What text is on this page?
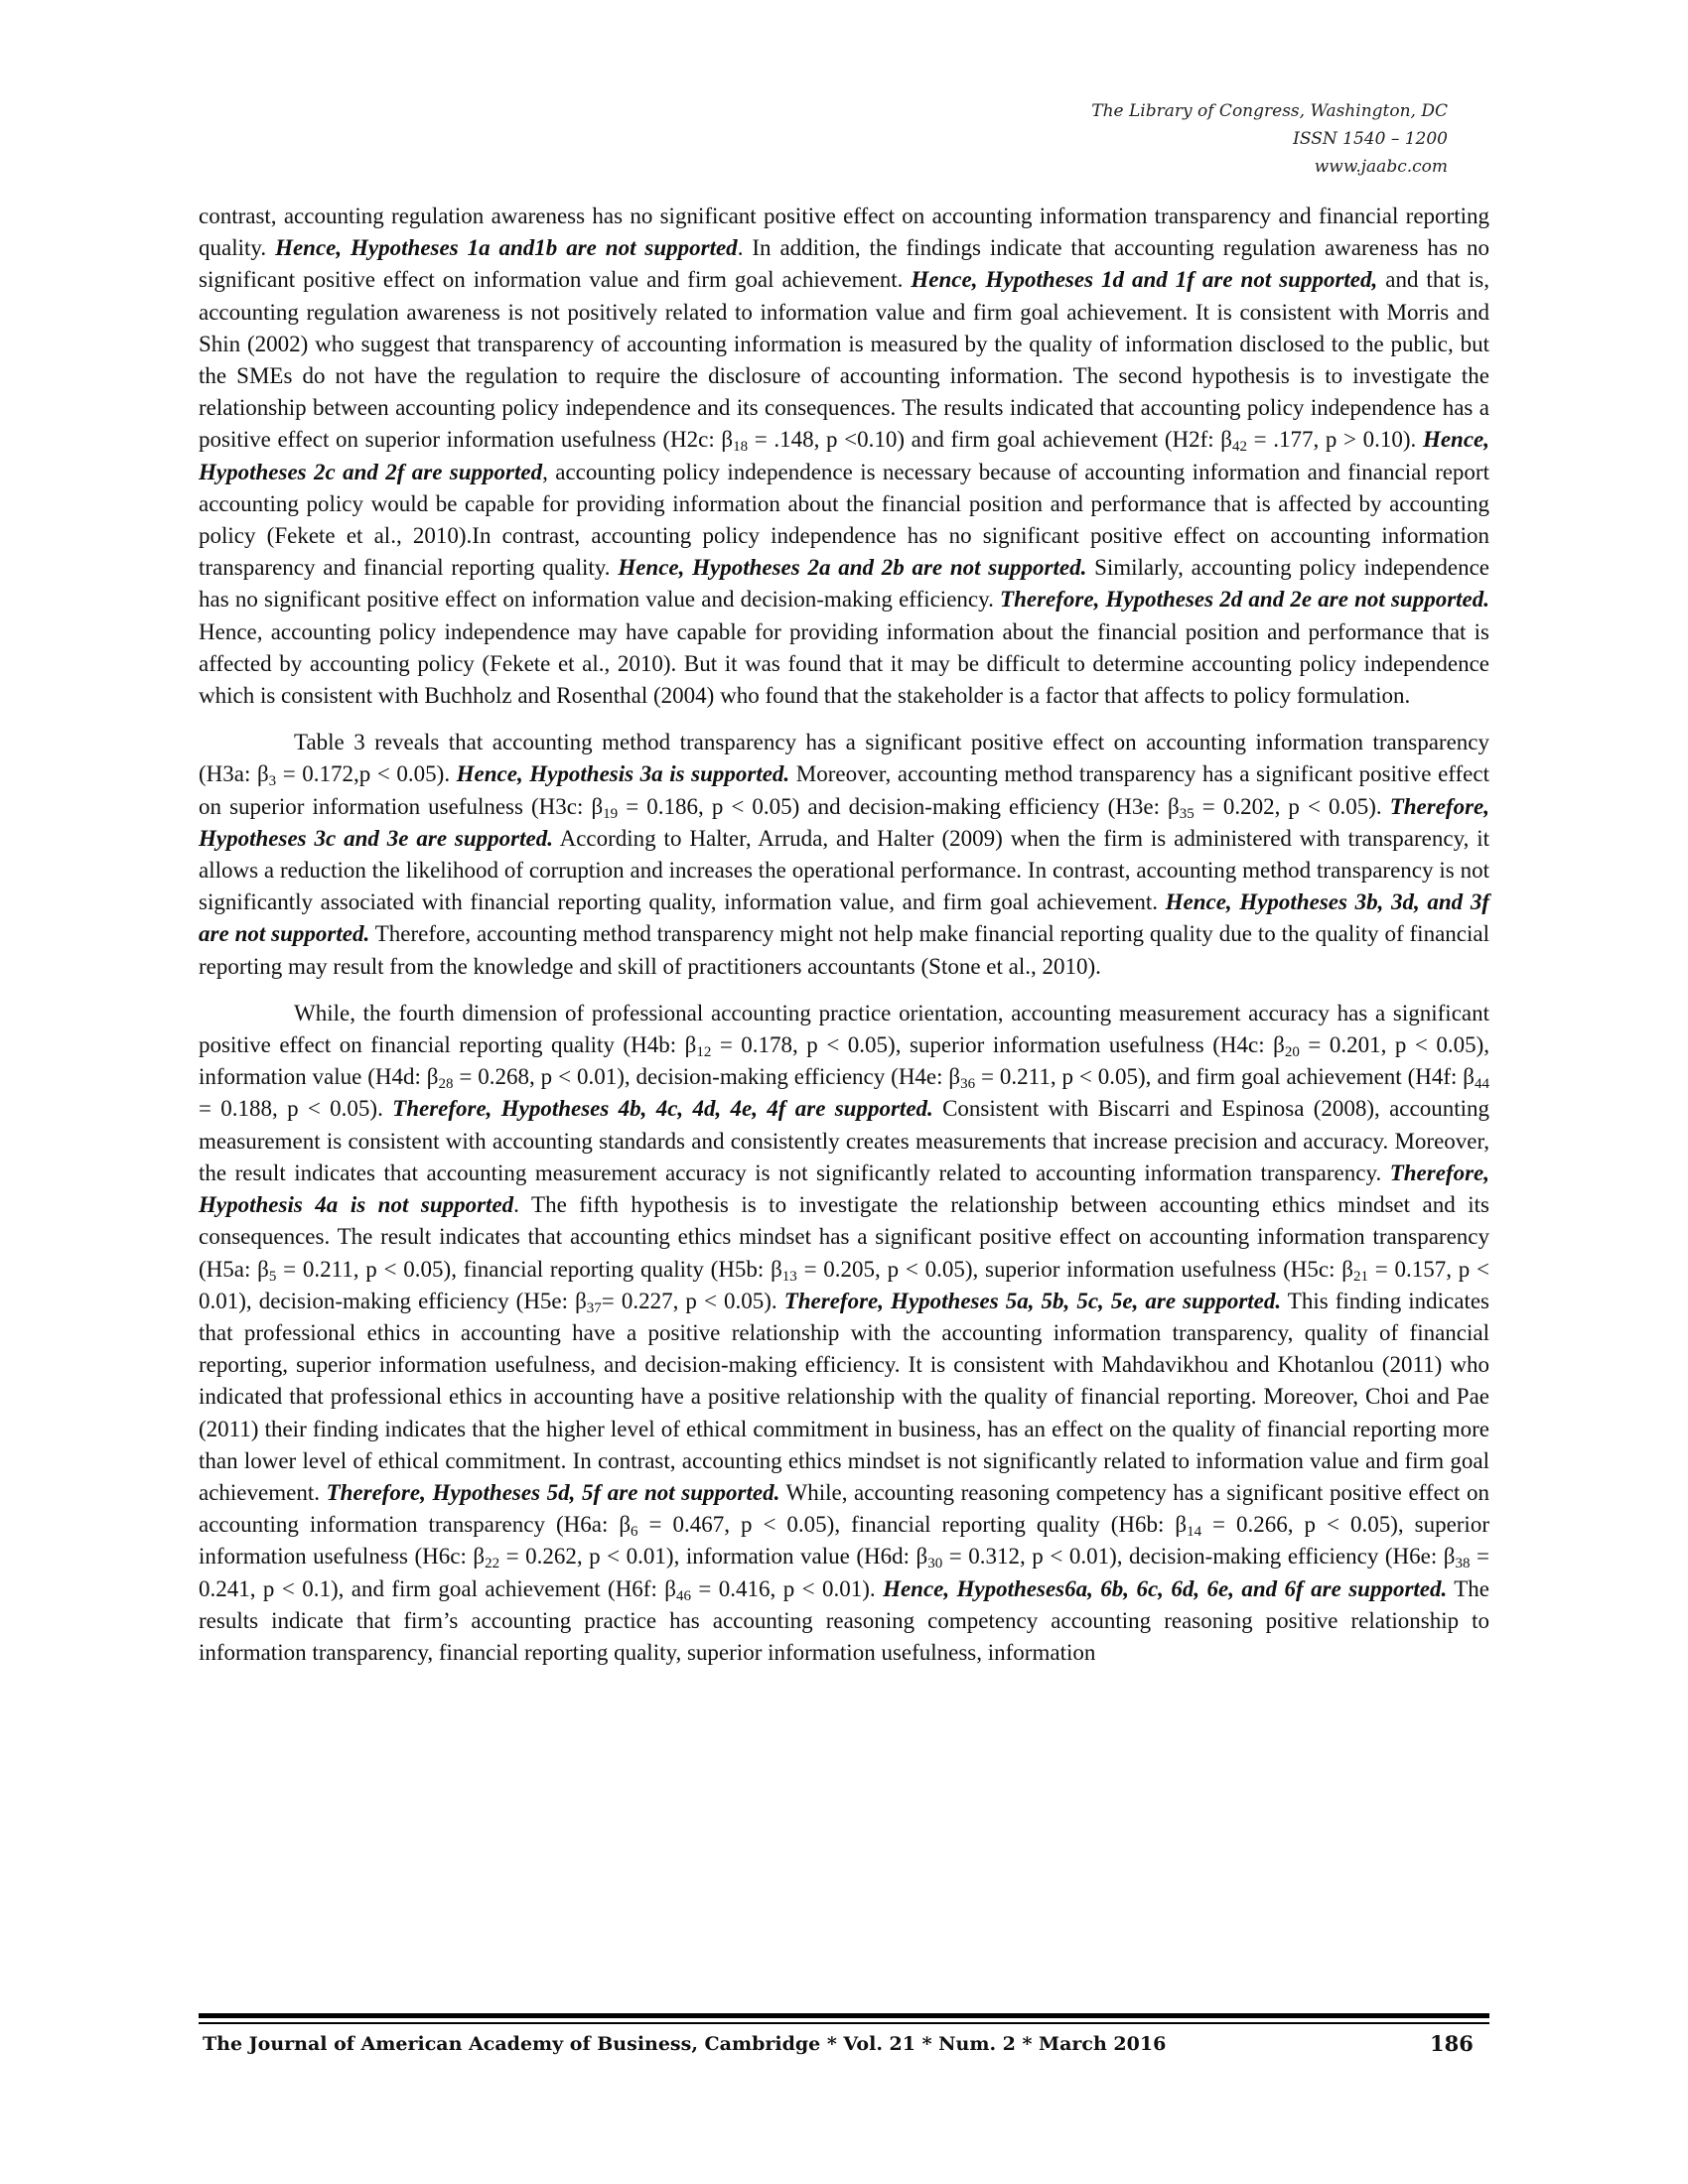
The Library of Congress, Washington, DC
ISSN 1540 – 1200
www.jaabc.com

contrast, accounting regulation awareness has no significant positive effect on accounting information transparency and financial reporting quality. Hence, Hypotheses 1a and1b are not supported. In addition, the findings indicate that accounting regulation awareness has no significant positive effect on information value and firm goal achievement. Hence, Hypotheses 1d and 1f are not supported, and that is, accounting regulation awareness is not positively related to information value and firm goal achievement. It is consistent with Morris and Shin (2002) who suggest that transparency of accounting information is measured by the quality of information disclosed to the public, but the SMEs do not have the regulation to require the disclosure of accounting information. The second hypothesis is to investigate the relationship between accounting policy independence and its consequences. The results indicated that accounting policy independence has a positive effect on superior information usefulness (H2c: $\beta_{18} = .148$, p <0.10) and firm goal achievement (H2f: $\beta_{42} = .177$, p > 0.10). Hence, Hypotheses 2c and 2f are supported, accounting policy independence is necessary because of accounting information and financial report accounting policy would be capable for providing information about the financial position and performance that is affected by accounting policy (Fekete et al., 2010).In contrast, accounting policy independence has no significant positive effect on accounting information transparency and financial reporting quality. Hence, Hypotheses 2a and 2b are not supported. Similarly, accounting policy independence has no significant positive effect on information value and decision-making efficiency. Therefore, Hypotheses 2d and 2e are not supported. Hence, accounting policy independence may have capable for providing information about the financial position and performance that is affected by accounting policy (Fekete et al., 2010). But it was found that it may be difficult to determine accounting policy independence which is consistent with Buchholz and Rosenthal (2004) who found that the stakeholder is a factor that affects to policy formulation.

Table 3 reveals that accounting method transparency has a significant positive effect on accounting information transparency (H3a: $\beta_3 = 0.172,p < 0.05$). Hence, Hypothesis 3a is supported. Moreover, accounting method transparency has a significant positive effect on superior information usefulness (H3c: $\beta_{19} = 0.186$, p < 0.05) and decision-making efficiency (H3e: $\beta_{35} = 0.202$, p < 0.05). Therefore, Hypotheses 3c and 3e are supported. According to Halter, Arruda, and Halter (2009) when the firm is administered with transparency, it allows a reduction the likelihood of corruption and increases the operational performance. In contrast, accounting method transparency is not significantly associated with financial reporting quality, information value, and firm goal achievement. Hence, Hypotheses 3b, 3d, and 3f are not supported. Therefore, accounting method transparency might not help make financial reporting quality due to the quality of financial reporting may result from the knowledge and skill of practitioners accountants (Stone et al., 2010).

While, the fourth dimension of professional accounting practice orientation, accounting measurement accuracy has a significant positive effect on financial reporting quality (H4b: $\beta_{12} = 0.178$, p < 0.05), superior information usefulness (H4c: $\beta_{20} = 0.201$, p < 0.05), information value (H4d: $\beta_{28} = 0.268$, p < 0.01), decision-making efficiency (H4e: $\beta_{36} = 0.211$, p < 0.05), and firm goal achievement (H4f: $\beta_{44} = 0.188$, p < 0.05). Therefore, Hypotheses 4b, 4c, 4d, 4e, 4f are supported. Consistent with Biscarri and Espinosa (2008), accounting measurement is consistent with accounting standards and consistently creates measurements that increase precision and accuracy. Moreover, the result indicates that accounting measurement accuracy is not significantly related to accounting information transparency. Therefore, Hypothesis 4a is not supported. The fifth hypothesis is to investigate the relationship between accounting ethics mindset and its consequences. The result indicates that accounting ethics mindset has a significant positive effect on accounting information transparency (H5a: $\beta_5 = 0.211$, p < 0.05), financial reporting quality (H5b: $\beta_{13} = 0.205$, p < 0.05), superior information usefulness (H5c: $\beta_{21} = 0.157$, p < 0.01), decision-making efficiency (H5e: $\beta_{37}= 0.227$, p < 0.05). Therefore, Hypotheses 5a, 5b, 5c, 5e, are supported. This finding indicates that professional ethics in accounting have a positive relationship with the accounting information transparency, quality of financial reporting, superior information usefulness, and decision-making efficiency. It is consistent with Mahdavikhou and Khotanlou (2011) who indicated that professional ethics in accounting have a positive relationship with the quality of financial reporting. Moreover, Choi and Pae (2011) their finding indicates that the higher level of ethical commitment in business, has an effect on the quality of financial reporting more than lower level of ethical commitment. In contrast, accounting ethics mindset is not significantly related to information value and firm goal achievement. Therefore, Hypotheses 5d, 5f are not supported. While, accounting reasoning competency has a significant positive effect on accounting information transparency (H6a: $\beta_6 = 0.467$, p < 0.05), financial reporting quality (H6b: $\beta_{14} = 0.266$, p < 0.05), superior information usefulness (H6c: $\beta_{22} = 0.262$, p < 0.01), information value (H6d: $\beta_{30} = 0.312$, p < 0.01), decision-making efficiency (H6e: $\beta_{38} = 0.241$, p < 0.1), and firm goal achievement (H6f: $\beta_{46} = 0.416$, p < 0.01). Hence, Hypotheses6a, 6b, 6c, 6d, 6e, and 6f are supported. The results indicate that firm’s accounting practice has accounting reasoning competency accounting reasoning positive relationship to information transparency, financial reporting quality, superior information usefulness, information

The Journal of American Academy of Business, Cambridge * Vol. 21 * Num. 2 * March 2016	186
